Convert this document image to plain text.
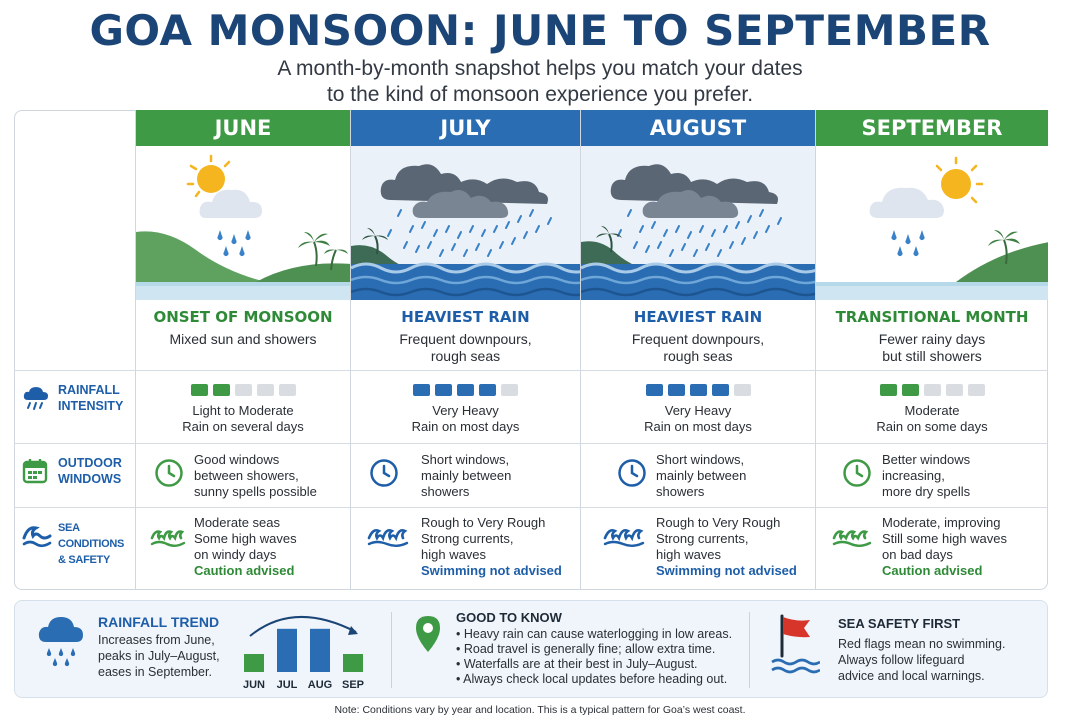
GOA MONSOON: JUNE TO SEPTEMBER
A month-by-month snapshot helps you match your dates
to the kind of monsoon experience you prefer.
RAINFALL
INTENSITY
OUTDOOR
WINDOWS
SEA CONDITIONS
& SAFETY
JUNE
ONSET OF MONSOON
Mixed sun and showers
Light to Moderate
Rain on several days
Good windows
between showers,
sunny spells possible
Moderate seas
Some high waves
on windy days
Caution advised
JULY
HEAVIEST RAIN
Frequent downpours,
rough seas
Very Heavy
Rain on most days
Short windows,
mainly between
showers
Rough to Very Rough
Strong currents,
high waves
Swimming not advised
AUGUST
HEAVIEST RAIN
Frequent downpours,
rough seas
Very Heavy
Rain on most days
Short windows,
mainly between
showers
Rough to Very Rough
Strong currents,
high waves
Swimming not advised
SEPTEMBER
TRANSITIONAL MONTH
Fewer rainy days
but still showers
Moderate
Rain on some days
Better windows
increasing,
more dry spells
Moderate, improving
Still some high waves
on bad days
Caution advised
RAINFALL TREND
Increases from June,
peaks in July–August,
eases in September.
JUN JUL AUG SEP
GOOD TO KNOW
• Heavy rain can cause waterlogging in low areas.
• Road travel is generally fine; allow extra time.
• Waterfalls are at their best in July–August.
• Always check local updates before heading out.
SEA SAFETY FIRST
Red flags mean no swimming.
Always follow lifeguard
advice and local warnings.
Note: Conditions vary by year and location. This is a typical pattern for Goa’s west coast.
